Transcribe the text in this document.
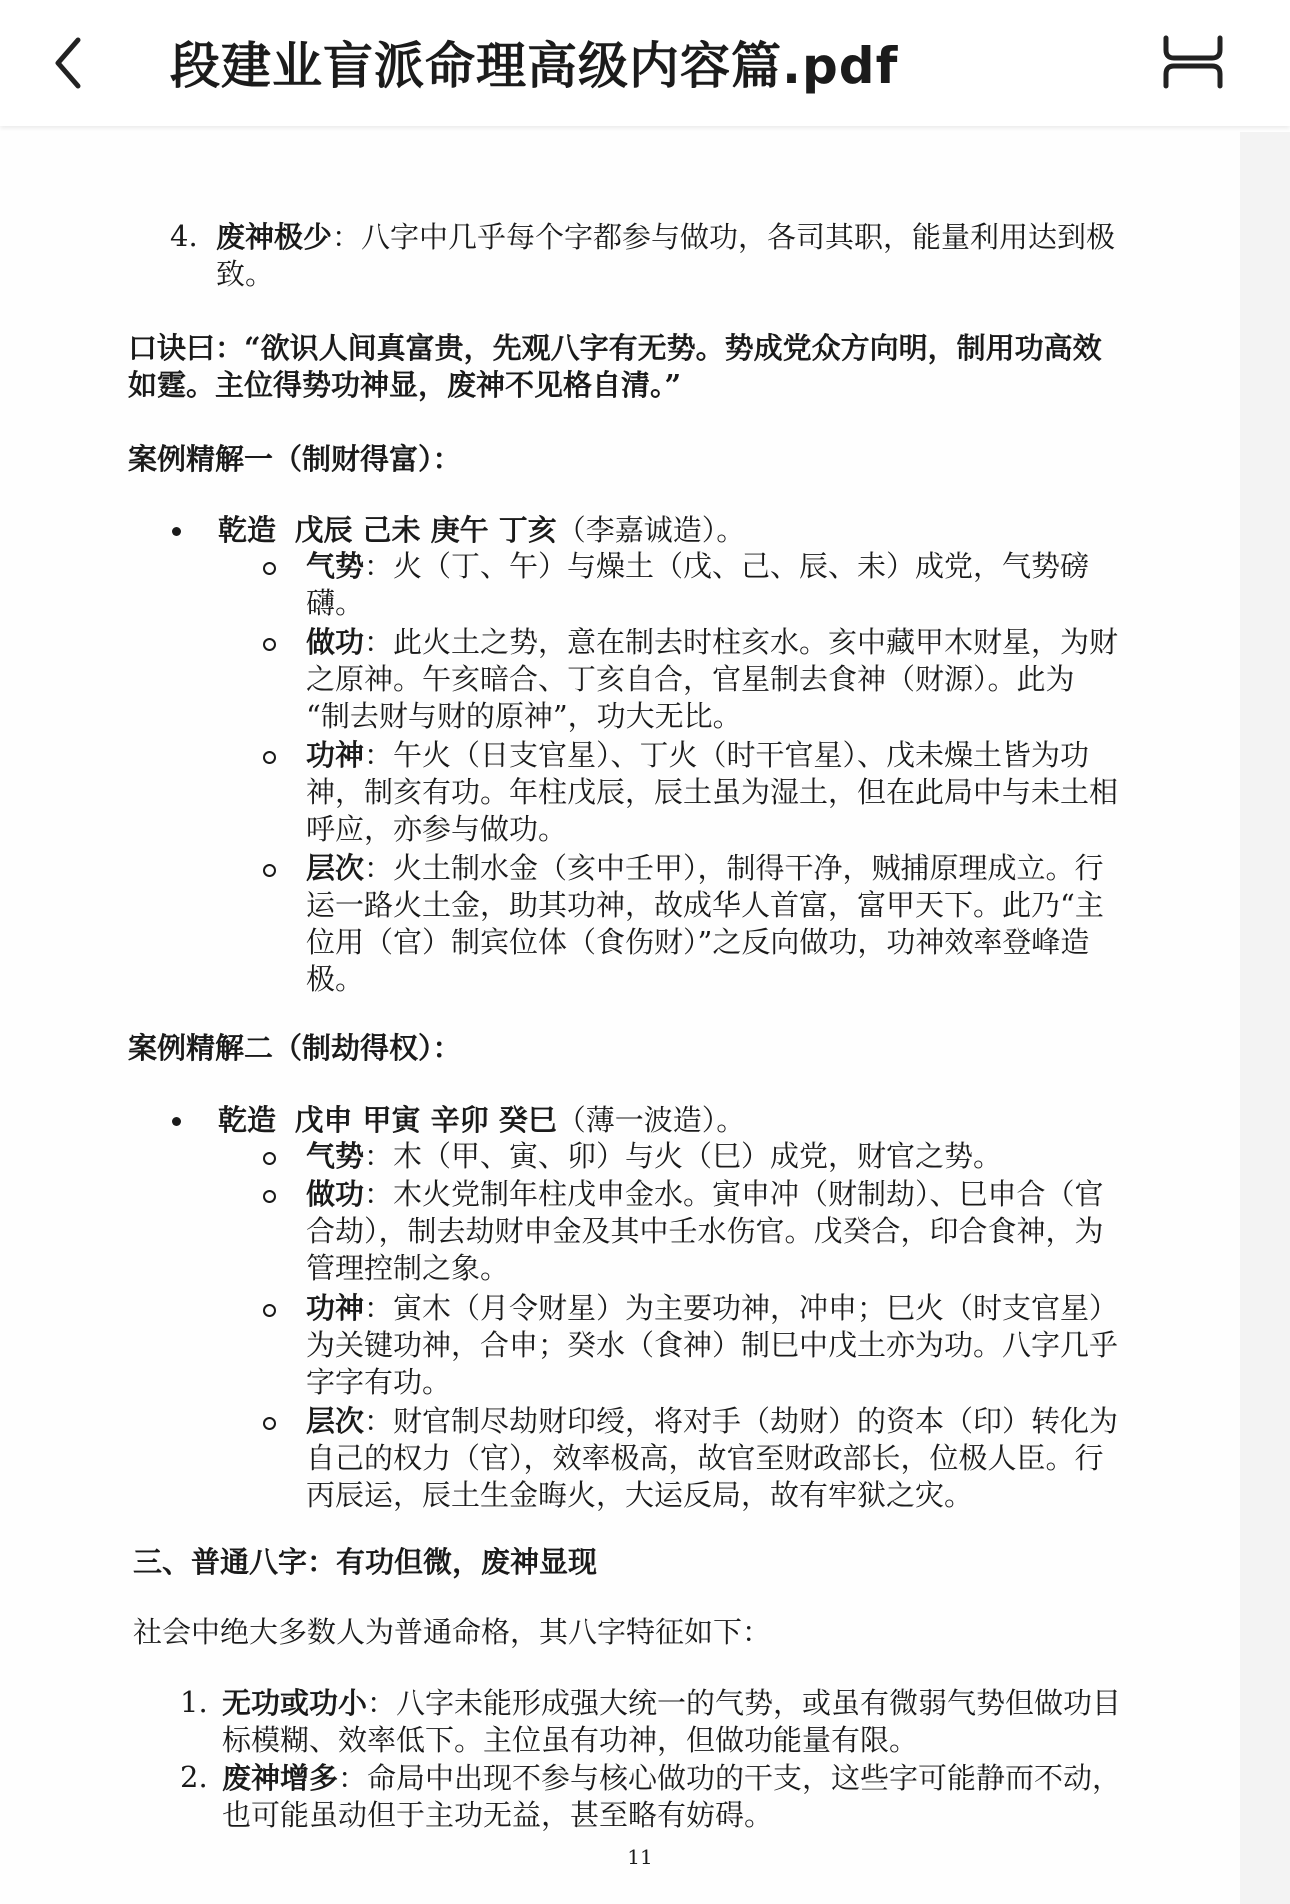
段建业盲派命理高级内容篇.pdf
4. 废神极少：八字中几乎每个字都参与做功，各司其职，能量利用达到极
致。
口诀曰：“欲识人间真富贵，先观八字有无势。势成党众方向明，制用功高效
如霆。主位得势功神显，废神不见格自清。”
案例精解一（制财得富）：
乾造 戊辰 己未 庚午 丁亥（李嘉诚造）。
气势：火（丁、午）与燥土（戊、己、辰、未）成党，气势磅
礴。
做功：此火土之势，意在制去时柱亥水。亥中藏甲木财星，为财
之原神。午亥暗合、丁亥自合，官星制去食神（财源）。此为
“制去财与财的原神”，功大无比。
功神：午火（日支官星）、丁火（时干官星）、戊未燥土皆为功
神，制亥有功。年柱戊辰，辰土虽为湿土，但在此局中与未土相
呼应，亦参与做功。
层次：火土制水金（亥中壬甲），制得干净，贼捕原理成立。行
运一路火土金，助其功神，故成华人首富，富甲天下。此乃“主
位用（官）制宾位体（食伤财）”之反向做功，功神效率登峰造
极。
案例精解二（制劫得权）：
乾造 戊申 甲寅 辛卯 癸巳（薄一波造）。
气势：木（甲、寅、卯）与火（巳）成党，财官之势。
做功：木火党制年柱戊申金水。寅申冲（财制劫）、巳申合（官
合劫），制去劫财申金及其中壬水伤官。戊癸合，印合食神，为
管理控制之象。
功神：寅木（月令财星）为主要功神，冲申；巳火（时支官星）
为关键功神，合申；癸水（食神）制巳中戊土亦为功。八字几乎
字字有功。
层次：财官制尽劫财印绶，将对手（劫财）的资本（印）转化为
自己的权力（官），效率极高，故官至财政部长，位极人臣。行
丙辰运，辰土生金晦火，大运反局，故有牢狱之灾。
三、普通八字：有功但微，废神显现
社会中绝大多数人为普通命格，其八字特征如下：
1. 无功或功小：八字未能形成强大统一的气势，或虽有微弱气势但做功目
标模糊、效率低下。主位虽有功神，但做功能量有限。
2. 废神增多：命局中出现不参与核心做功的干支，这些字可能静而不动，
也可能虽动但于主功无益，甚至略有妨碍。
11
